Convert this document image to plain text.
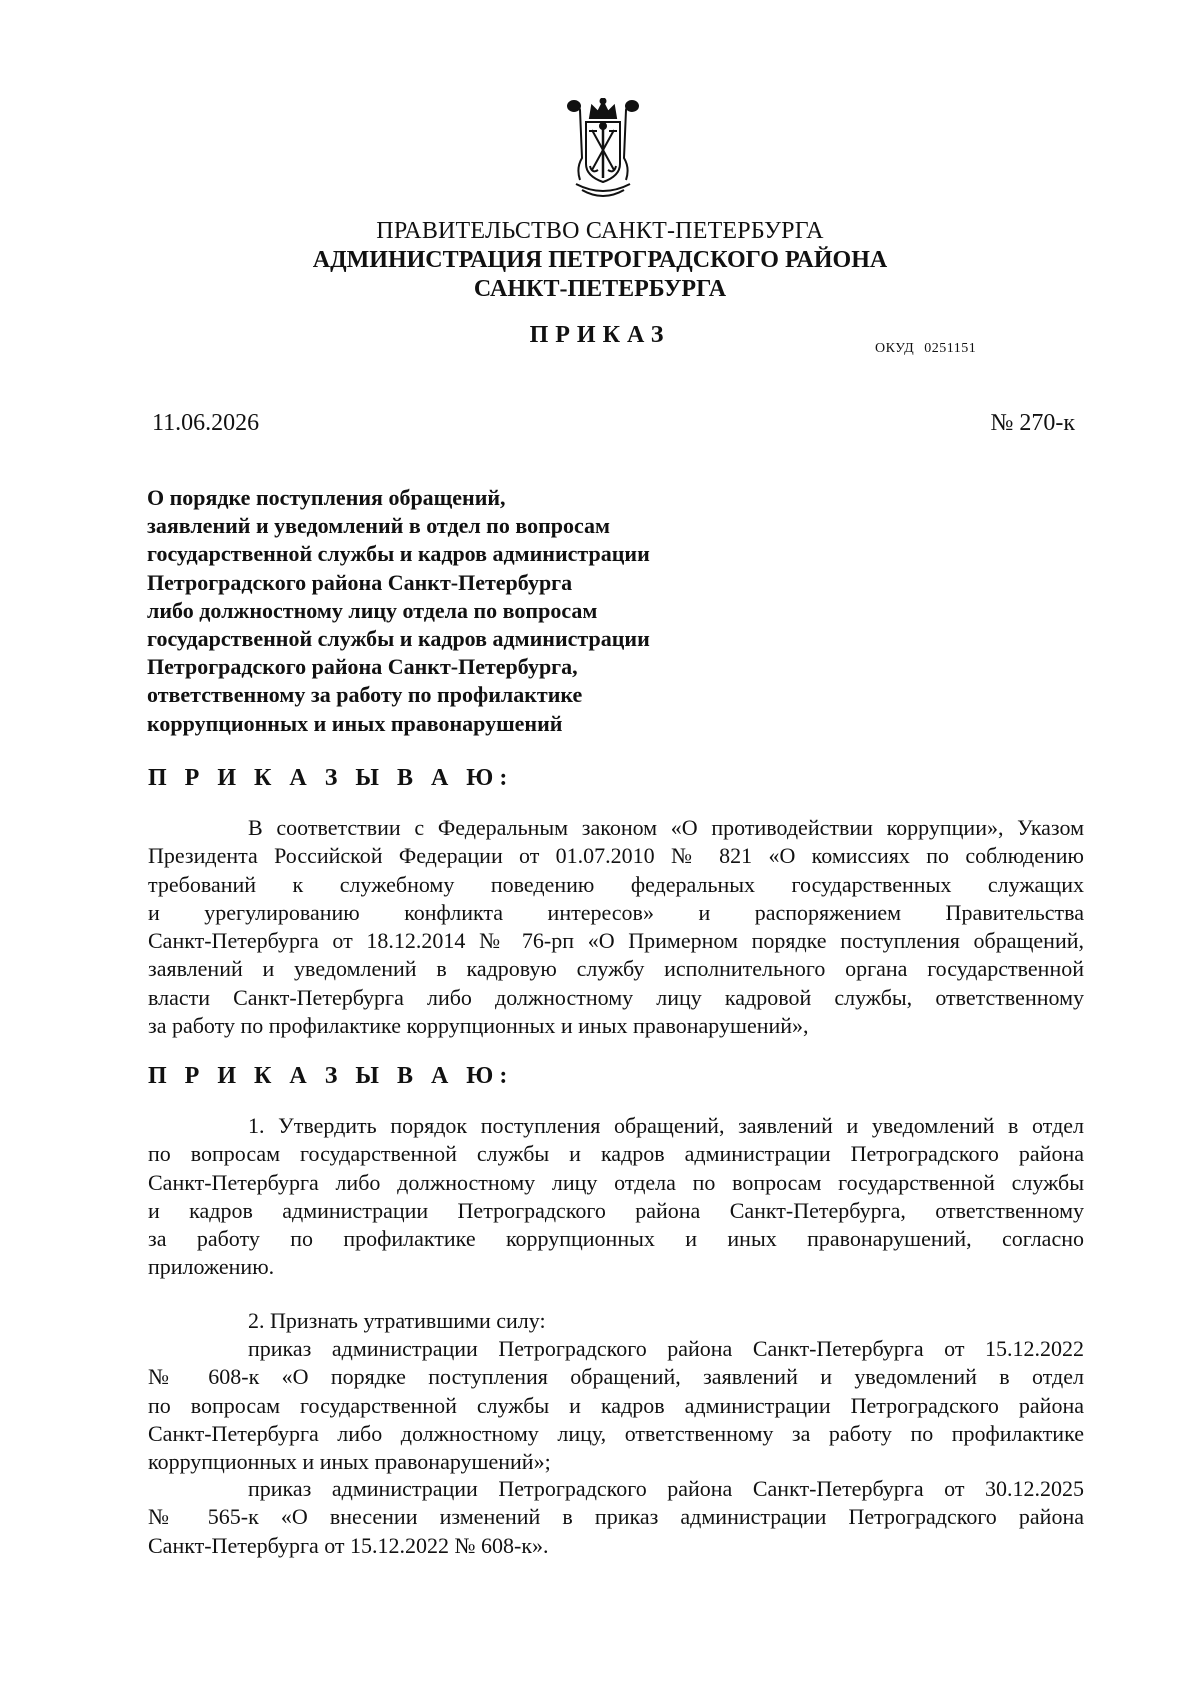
ПРАВИТЕЛЬСТВО САНКТ-ПЕТЕРБУРГА
АДМИНИСТРАЦИЯ ПЕТРОГРАДСКОГО РАЙОНА
САНКТ-ПЕТЕРБУРГА
ПРИКАЗ
ОКУД 0251151
11.06.2026	№ 270-к
О порядке поступления обращений,
заявлений и уведомлений в отдел по вопросам
государственной службы и кадров администрации
Петроградского района Санкт-Петербурга
либо должностному лицу отдела по вопросам
государственной службы и кадров администрации
Петроградского района Санкт-Петербурга,
ответственному за работу по профилактике
коррупционных и иных правонарушений
П Р И К А З Ы В А Ю:
В соответствии с Федеральным законом «О противодействии коррупции», Указом
Президента Российской Федерации от 01.07.2010 № 821 «О комиссиях по соблюдению
требований к служебному поведению федеральных государственных служащих
и урегулированию конфликта интересов» и распоряжением Правительства
Санкт-Петербурга от 18.12.2014 № 76-рп «О Примерном порядке поступления обращений,
заявлений и уведомлений в кадровую службу исполнительного органа государственной
власти Санкт-Петербурга либо должностному лицу кадровой службы, ответственному
за работу по профилактике коррупционных и иных правонарушений»,
П Р И К А З Ы В А Ю:
1. Утвердить порядок поступления обращений, заявлений и уведомлений в отдел
по вопросам государственной службы и кадров администрации Петроградского района
Санкт-Петербурга либо должностному лицу отдела по вопросам государственной службы
и кадров администрации Петроградского района Санкт-Петербурга, ответственному
за работу по профилактике коррупционных и иных правонарушений, согласно
приложению.
2. Признать утратившими силу:
приказ администрации Петроградского района Санкт-Петербурга от 15.12.2022
№ 608-к «О порядке поступления обращений, заявлений и уведомлений в отдел
по вопросам государственной службы и кадров администрации Петроградского района
Санкт-Петербурга либо должностному лицу, ответственному за работу по профилактике
коррупционных и иных правонарушений»;
приказ администрации Петроградского района Санкт-Петербурга от 30.12.2025
№ 565-к «О внесении изменений в приказ администрации Петроградского района
Санкт-Петербурга от 15.12.2022 № 608-к».
